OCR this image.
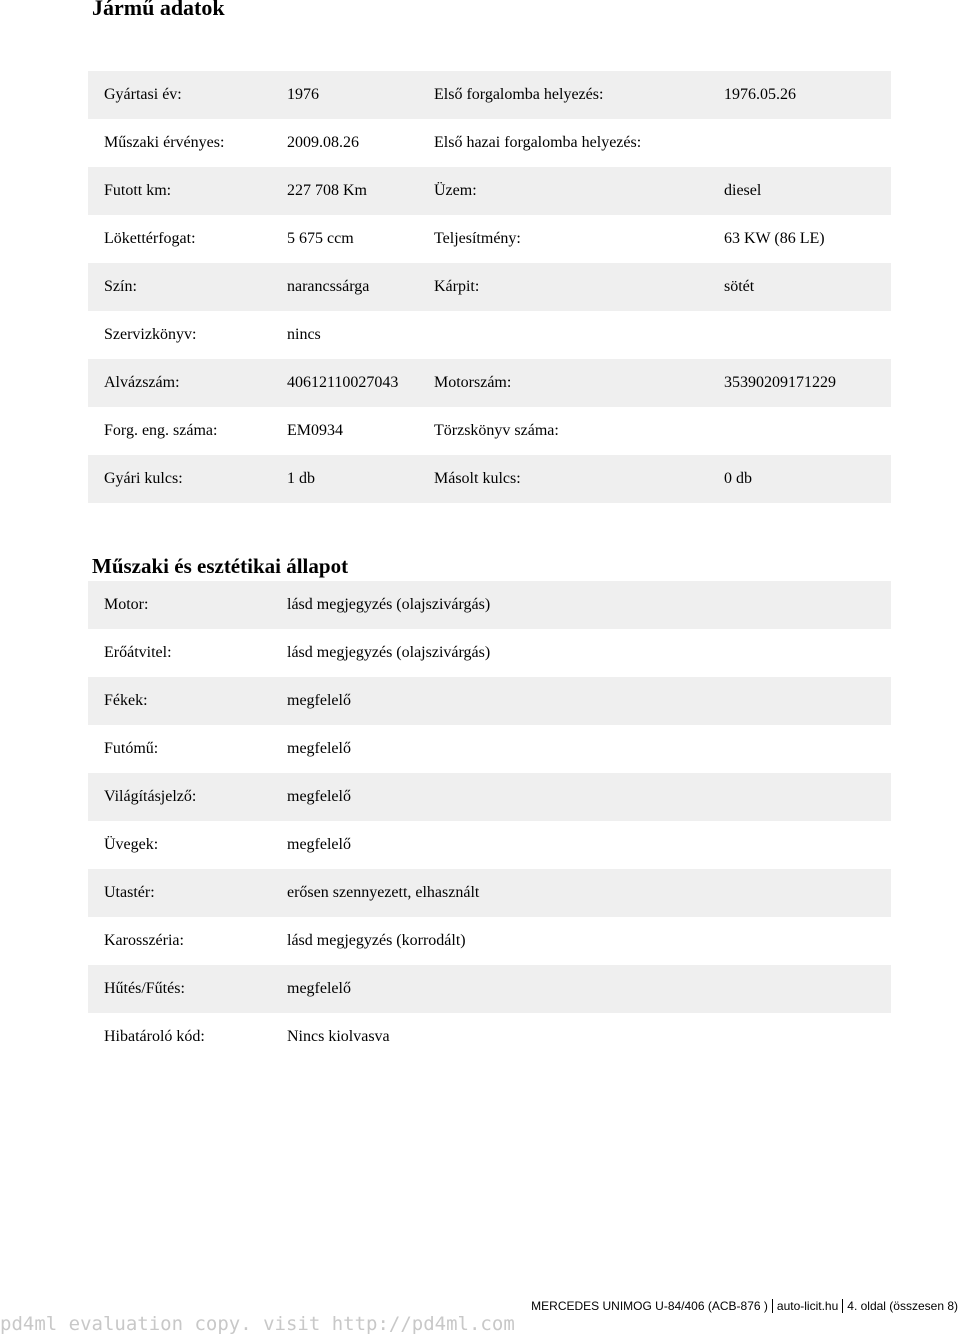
Jármű adatok
Gyártasi év:	1976	Első forgalomba helyezés:	1976.05.26
Műszaki érvényes:	2009.08.26	Első hazai forgalomba helyezés:
Futott km:	227 708 Km	Üzem:	diesel
Lökettérfogat:	5 675 ccm	Teljesítmény:	63 KW (86 LE)
Szín:	narancssárga	Kárpit:	sötét
Szervizkönyv:	nincs
Alvázszám:	40612110027043 Motorszám:	35390209171229
Forg. eng. száma:	EM0934	Törzskönyv száma:
Gyári kulcs:	1 db	Másolt kulcs:	0 db
Műszaki és esztétikai állapot
Motor:	lásd megjegyzés (olajszivárgás)
Erőátvitel:	lásd megjegyzés (olajszivárgás)
Fékek:	megfelelő
Futómű:	megfelelő
Világításjelző:	megfelelő
Üvegek:	megfelelő
Utastér:	erősen szennyezett, elhasznált
Karosszéria:	lásd megjegyzés (korrodált)
Hűtés/Fűtés:	megfelelő
Hibatároló kód:	Nincs kiolvasva
MERCEDES UNIMOG U-84/406 (ACB-876 ) auto-licit.hu 4. oldal (összesen 8)
pd4ml evaluation copy. visit http://pd4ml.com
